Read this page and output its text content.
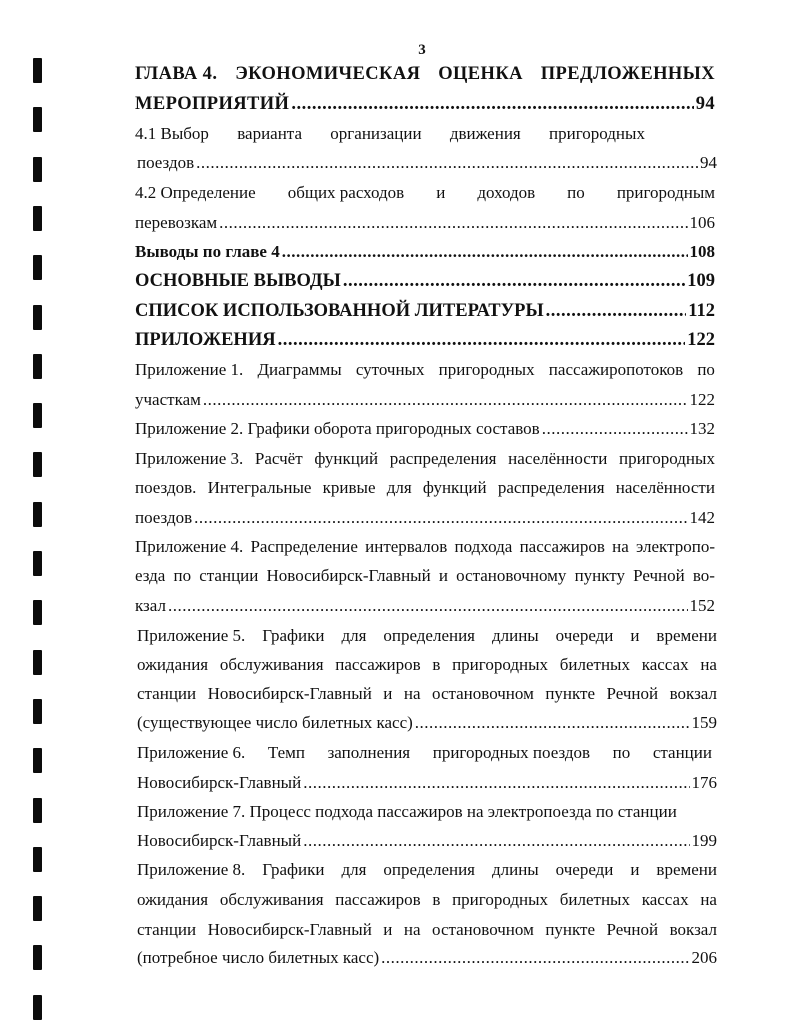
3
ГЛАВА 4. ЭКОНОМИЧЕСКАЯ ОЦЕНКА ПРЕДЛОЖЕННЫХ
МЕРОПРИЯТИЙ .....	94
4.1 Выбор варианта организации движения пригородных
поездов .....	94
4.2 Определение общих расходов и доходов по пригородным
перевозкам .....	106
Выводы по главе 4 .....	108
ОСНОВНЫЕ ВЫВОДЫ .....	109
СПИСОК ИСПОЛЬЗОВАННОЙ ЛИТЕРАТУРЫ .....	112
ПРИЛОЖЕНИЯ .....	122
Приложение 1. Диаграммы суточных пригородных пассажиропотоков по
участкам .....	122
Приложение 2. Графики оборота пригородных составов .....	132
Приложение 3. Расчёт функций распределения населённости пригородных
поездов. Интегральные кривые для функций распределения населённости
поездов .....	142
Приложение 4. Распределение интервалов подхода пассажиров на электропо-
езда по станции Новосибирск-Главный и остановочному пункту Речной во-
кзал .....	152
Приложение 5. Графики для определения длины очереди и времени
ожидания обслуживания пассажиров в пригородных билетных кассах на
станции Новосибирск-Главный и на остановочном пункте Речной вокзал
(существующее число билетных касс) .....	159
Приложение 6. Темп заполнения пригородных поездов по станции
Новосибирск-Главный .....	176
Приложение 7. Процесс подхода пассажиров на электропоезда по станции
Новосибирск-Главный .....	199
Приложение 8. Графики для определения длины очереди и времени
ожидания обслуживания пассажиров в пригородных билетных кассах на
станции Новосибирск-Главный и на остановочном пункте Речной вокзал
(потребное число билетных касс) .....	206
